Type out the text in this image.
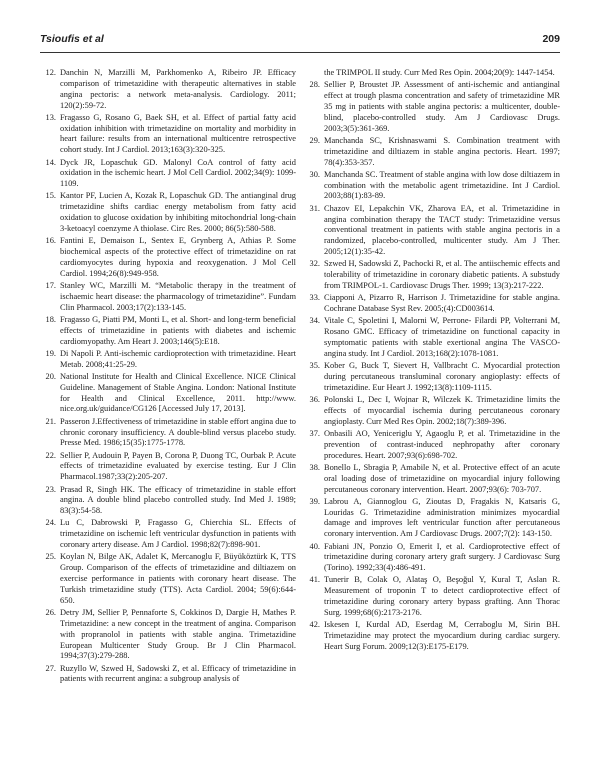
Tsioufis et al	209
12. Danchin N, Marzilli M, Parkhomenko A, Ribeiro JP. Efficacy comparison of trimetazidine with therapeutic alternatives in stable angina pectoris: a network meta-analysis. Cardiology. 2011; 120(2):59-72.
13. Fragasso G, Rosano G, Baek SH, et al. Effect of partial fatty acid oxidation inhibition with trimetazidine on mortality and morbidity in heart failure: results from an international multicentre retrospective cohort study. Int J Cardiol. 2013;163(3):320-325.
14. Dyck JR, Lopaschuk GD. Malonyl CoA control of fatty acid oxidation in the ischemic heart. J Mol Cell Cardiol. 2002;34(9): 1099-1109.
15. Kantor PF, Lucien A, Kozak R, Lopaschuk GD. The antianginal drug trimetazidine shifts cardiac energy metabolism from fatty acid oxidation to glucose oxidation by inhibiting mitochondrial long-chain 3-ketoacyl coenzyme A thiolase. Circ Res. 2000; 86(5):580-588.
16. Fantini E, Demaison L, Sentex E, Grynberg A, Athias P. Some biochemical aspects of the protective effect of trimetazidine on rat cardiomyocytes during hypoxia and reoxygenation. J Mol Cell Cardiol. 1994;26(8):949-958.
17. Stanley WC, Marzilli M. “Metabolic therapy in the treatment of ischaemic heart disease: the pharmacology of trimetazidine”. Fundam Clin Pharmacol. 2003;17(2):133-145.
18. Fragasso G, Piatti PM, Monti L, et al. Short- and long-term beneficial effects of trimetazidine in patients with diabetes and ischemic cardiomyopathy. Am Heart J. 2003;146(5):E18.
19. Di Napoli P. Anti-ischemic cardioprotection with trimetazidine. Heart Metab. 2008;41:25-29.
20. National Institute for Health and Clinical Excellence. NICE Clinical Guideline. Management of Stable Angina. London: National Institute for Health and Clinical Excellence, 2011. http://www. nice.org.uk/guidance/CG126 [Accessed July 17, 2013].
21. Passeron J.Effectiveness of trimetazidine in stable effort angina due to chronic coronary insufficiency. A double-blind versus placebo study. Presse Med. 1986;15(35):1775-1778.
22. Sellier P, Audouin P, Payen B, Corona P, Duong TC, Ourbak P. Acute effects of trimetazidine evaluated by exercise testing. Eur J Clin Pharmacol.1987;33(2):205-207.
23. Prasad R, Singh HK. The efficacy of trimetazidine in stable effort angina. A double blind placebo controlled study. Ind Med J. 1989; 83(3):54-58.
24. Lu C, Dabrowski P, Fragasso G, Chierchia SL. Effects of trimetazidine on ischemic left ventricular dysfunction in patients with coronary artery disease. Am J Cardiol. 1998;82(7):898-901.
25. Koylan N, Bilge AK, Adalet K, Mercanoglu F, Büyüköztürk K, TTS Group. Comparison of the effects of trimetazidine and diltiazem on exercise performance in patients with coronary heart disease. The Turkish trimetazidine study (TTS). Acta Cardiol. 2004; 59(6):644-650.
26. Detry JM, Sellier P, Pennaforte S, Cokkinos D, Dargie H, Mathes P. Trimetazidine: a new concept in the treatment of angina. Comparison with propranolol in patients with stable angina. Trimetazidine European Multicenter Study Group. Br J Clin Pharmacol. 1994;37(3):279-288.
27. Ruzyllo W, Szwed H, Sadowski Z, et al. Efficacy of trimetazidine in patients with recurrent angina: a subgroup analysis of
the TRIMPOL II study. Curr Med Res Opin. 2004;20(9): 1447-1454.
28. Sellier P, Broustet JP. Assessment of anti-ischemic and antianginal effect at trough plasma concentration and safety of trimetazidine MR 35 mg in patients with stable angina pectoris: a multicenter, double-blind, placebo-controlled study. Am J Cardiovasc Drugs. 2003;3(5):361-369.
29. Manchanda SC, Krishnaswami S. Combination treatment with trimetazidine and diltiazem in stable angina pectoris. Heart. 1997; 78(4):353-357.
30. Manchanda SC. Treatment of stable angina with low dose diltiazem in combination with the metabolic agent trimetazidine. Int J Cardiol. 2003;88(1):83-89.
31. Chazov EI, Lepakchin VK, Zharova EA, et al. Trimetazidine in angina combination therapy the TACT study: Trimetazidine versus conventional treatment in patients with stable angina pectoris in a randomized, placebo-controlled, multicenter study. Am J Ther. 2005;12(1):35-42.
32. Szwed H, Sadowski Z, Pachocki R, et al. The antiischemic effects and tolerability of trimetazidine in coronary diabetic patients. A substudy from TRIMPOL-1. Cardiovasc Drugs Ther. 1999; 13(3):217-222.
33. Ciapponi A, Pizarro R, Harrison J. Trimetazidine for stable angina. Cochrane Database Syst Rev. 2005;(4):CD003614.
34. Vitale C, Spoletini I, Malorni W, Perrone- Filardi PP, Volterrani M, Rosano GMC. Efficacy of trimetazidine on functional capacity in symptomatic patients with stable exertional angina The VASCO-angina study. Int J Cardiol. 2013;168(2):1078-1081.
35. Kober G, Buck T, Sievert H, Vallbracht C. Myocardial protection during percutaneous transluminal coronary angioplasty: effects of trimetazidine. Eur Heart J. 1992;13(8):1109-1115.
36. Polonski L, Dec I, Wojnar R, Wilczek K. Trimetazidine limits the effects of myocardial ischemia during percutaneous coronary angioplasty. Curr Med Res Opin. 2002;18(7):389-396.
37. Onbasili AO, Yeniceriglu Y, Agaoglu P, et al. Trimetazidine in the prevention of contrast-induced nephropathy after coronary procedures. Heart. 2007;93(6):698-702.
38. Bonello L, Sbragia P, Amabile N, et al. Protective effect of an acute oral loading dose of trimetazidine on myocardial injury following percutaneous coronary intervention. Heart. 2007;93(6): 703-707.
39. Labrou A, Giannoglou G, Zioutas D, Fragakis N, Katsaris G, Louridas G. Trimetazidine administration minimizes myocardial damage and improves left ventricular function after percutaneous coronary intervention. Am J Cardiovasc Drugs. 2007;7(2): 143-150.
40. Fabiani JN, Ponzio O, Emerit I, et al. Cardioprotective effect of trimetazidine during coronary artery graft surgery. J Cardiovasc Surg (Torino). 1992;33(4):486-491.
41. Tunerir B, Colak O, Alataş O, Beşoğul Y, Kural T, Aslan R. Measurement of troponin T to detect cardioprotective effect of trimetazidine during coronary artery bypass grafting. Ann Thorac Surg. 1999;68(6):2173-2176.
42. Iskesen I, Kurdal AD, Eserdag M, Cerraboglu M, Sirin BH. Trimetazidine may protect the myocardium during cardiac surgery. Heart Surg Forum. 2009;12(3):E175-E179.
